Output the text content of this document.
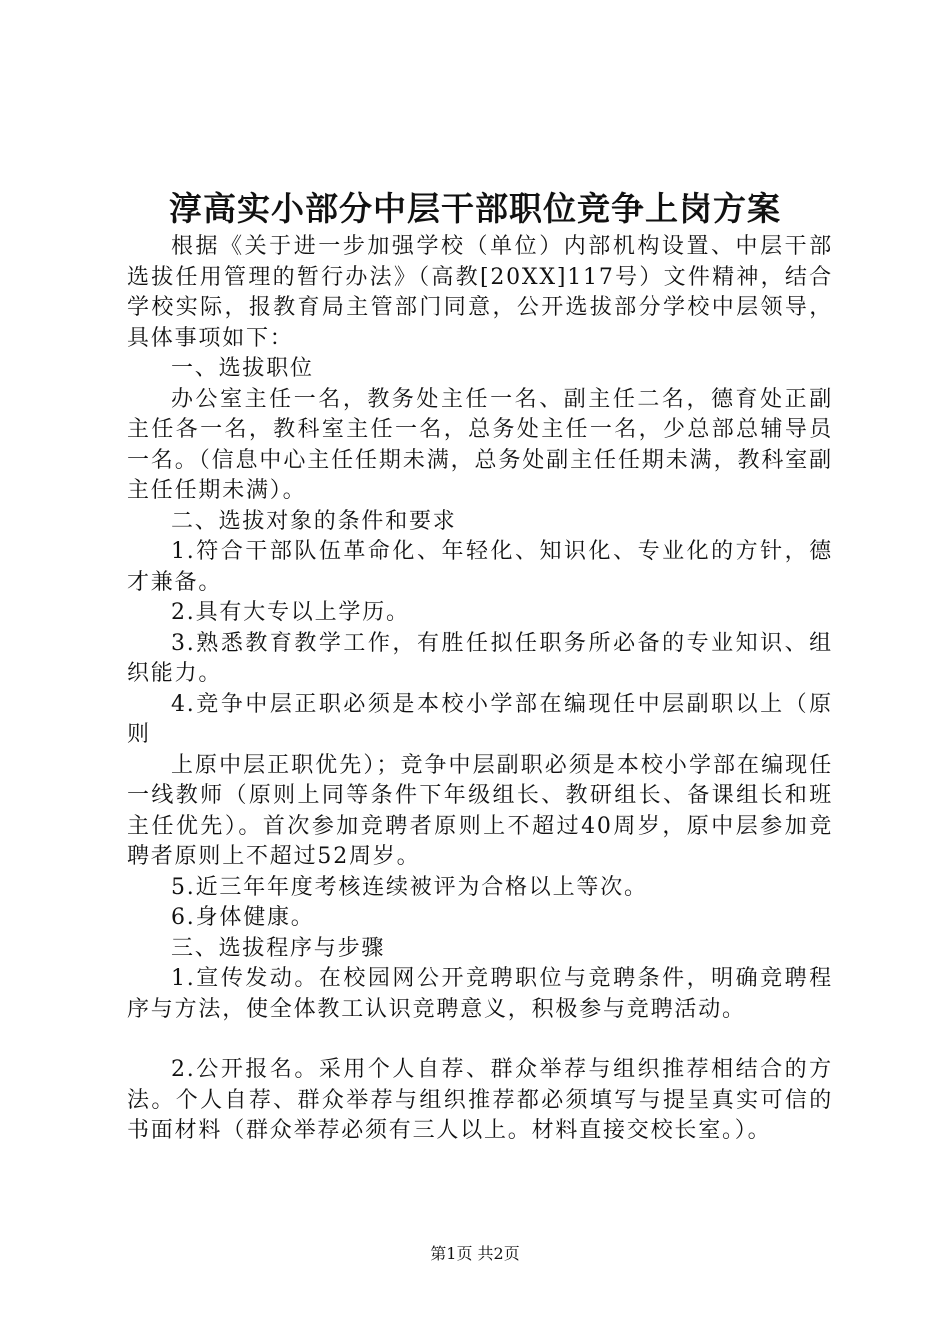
淳高实小部分中层干部职位竞争上岗方案

根据《关于进一步加强学校（单位）内部机构设置、中层干部选拔任用管理的暂行办法》（高教[20XX]117号）文件精神，结合学校实际，报教育局主管部门同意，公开选拔部分学校中层领导，具体事项如下：

一、选拔职位

办公室主任一名，教务处主任一名、副主任二名，德育处正副主任各一名，教科室主任一名，总务处主任一名，少总部总辅导员一名。（信息中心主任任期未满，总务处副主任任期未满，教科室副主任任期未满）。

二、选拔对象的条件和要求

1.符合干部队伍革命化、年轻化、知识化、专业化的方针，德才兼备。

2.具有大专以上学历。

3.熟悉教育教学工作，有胜任拟任职务所必备的专业知识、组织能力。

4.竞争中层正职必须是本校小学部在编现任中层副职以上（原则

上原中层正职优先）；竞争中层副职必须是本校小学部在编现任一线教师（原则上同等条件下年级组长、教研组长、备课组长和班主任优先）。首次参加竞聘者原则上不超过40周岁，原中层参加竞聘者原则上不超过52周岁。

5.近三年年度考核连续被评为合格以上等次。

6.身体健康。

三、选拔程序与步骤

1.宣传发动。在校园网公开竞聘职位与竞聘条件，明确竞聘程序与方法，使全体教工认识竞聘意义，积极参与竞聘活动。

2.公开报名。采用个人自荐、群众举荐与组织推荐相结合的方法。个人自荐、群众举荐与组织推荐都必须填写与提呈真实可信的书面材料（群众举荐必须有三人以上。材料直接交校长室。）。

第1页 共2页
